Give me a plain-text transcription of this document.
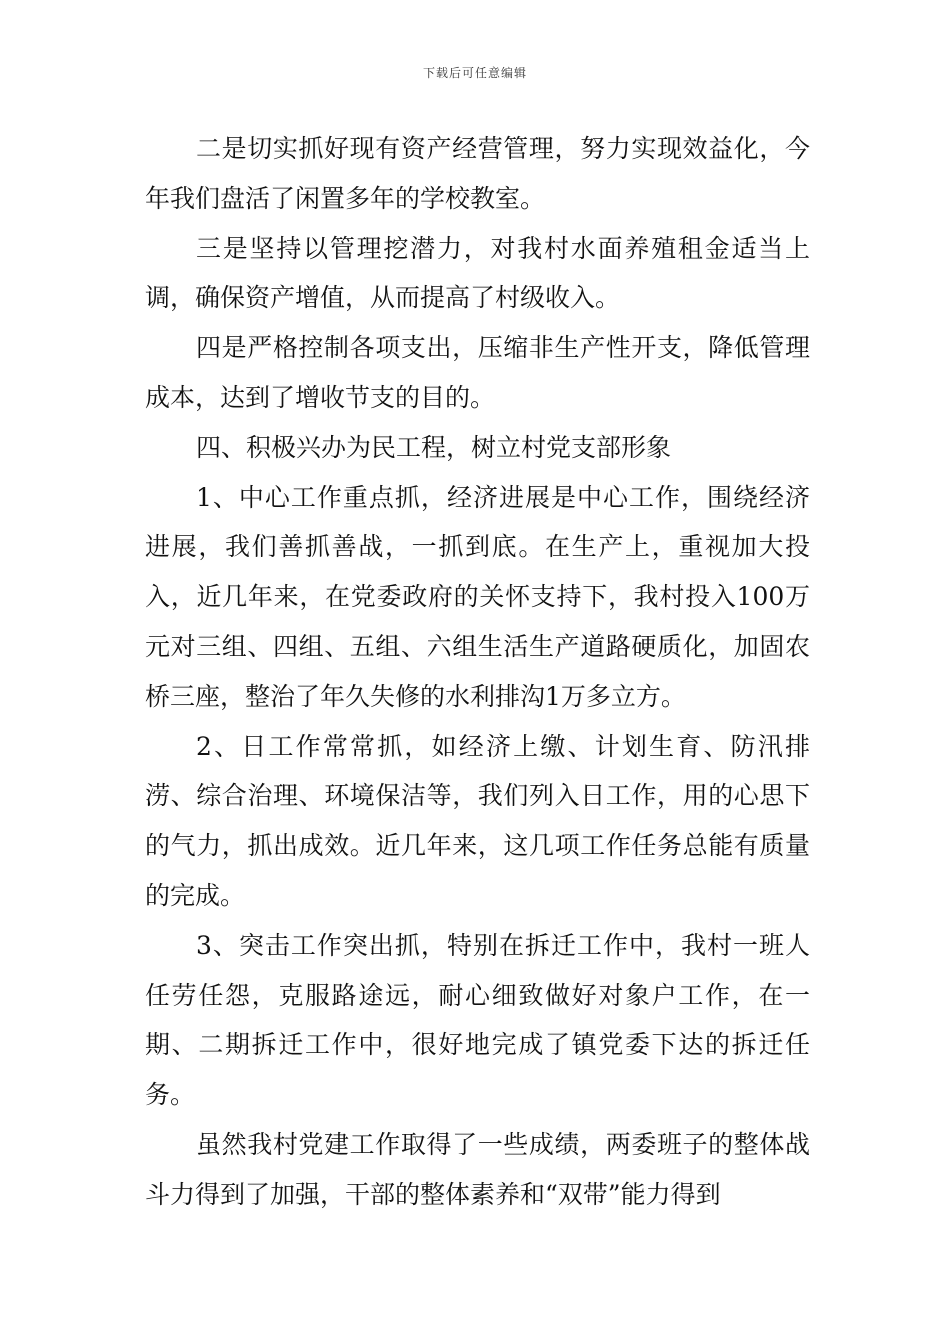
下载后可任意编辑

二是切实抓好现有资产经营管理，努力实现效益化，今年我们盘活了闲置多年的学校教室。

三是坚持以管理挖潜力，对我村水面养殖租金适当上调，确保资产增值，从而提高了村级收入。

四是严格控制各项支出，压缩非生产性开支，降低管理成本，达到了增收节支的目的。

四、积极兴办为民工程，树立村党支部形象

1、中心工作重点抓，经济进展是中心工作，围绕经济进展，我们善抓善战，一抓到底。在生产上，重视加大投入，近几年来，在党委政府的关怀支持下，我村投入100万元对三组、四组、五组、六组生活生产道路硬质化，加固农桥三座，整治了年久失修的水利排沟1万多立方。

2、日工作常常抓，如经济上缴、计划生育、防汛排涝、综合治理、环境保洁等，我们列入日工作，用的心思下的气力，抓出成效。近几年来，这几项工作任务总能有质量的完成。

3、突击工作突出抓，特别在拆迁工作中，我村一班人任劳任怨，克服路途远，耐心细致做好对象户工作，在一期、二期拆迁工作中，很好地完成了镇党委下达的拆迁任务。

虽然我村党建工作取得了一些成绩，两委班子的整体战斗力得到了加强，干部的整体素养和“双带”能力得到
